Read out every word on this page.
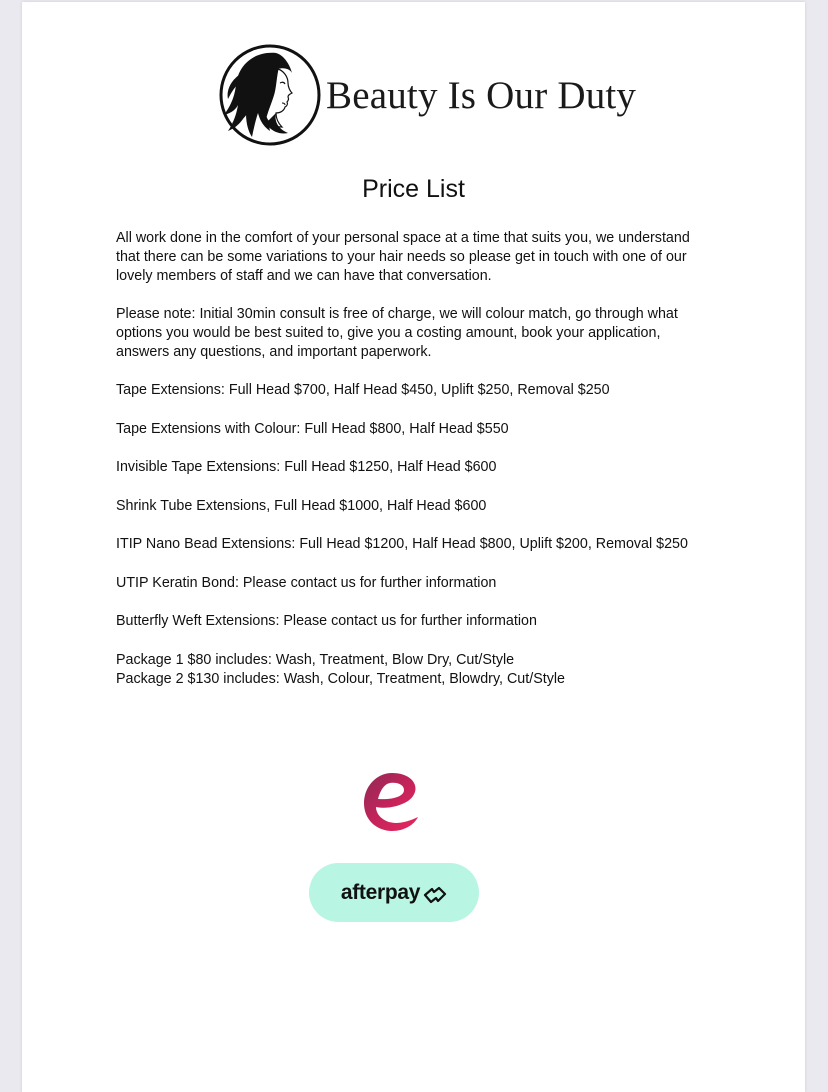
Beauty Is Our Duty
Price List

All work done in the comfort of your personal space at a time that suits you, we understand that there can be some variations to your hair needs so please get in touch with one of our lovely members of staff and we can have that conversation.

Please note: Initial 30min consult is free of charge, we will colour match, go through what options you would be best suited to, give you a costing amount, book your application, answers any questions, and important paperwork.

Tape Extensions: Full Head $700, Half Head $450, Uplift $250, Removal $250

Tape Extensions with Colour: Full Head $800, Half Head $550

Invisible Tape Extensions: Full Head $1250, Half Head $600

Shrink Tube Extensions, Full Head $1000, Half Head $600

ITIP Nano Bead Extensions: Full Head $1200, Half Head $800, Uplift $200, Removal $250

UTIP Keratin Bond: Please contact us for further information

Butterfly Weft Extensions: Please contact us for further information

Package 1 $80 includes: Wash, Treatment, Blow Dry, Cut/Style

Package 2 $130 includes: Wash, Colour, Treatment, Blowdry, Cut/Style

afterpay
